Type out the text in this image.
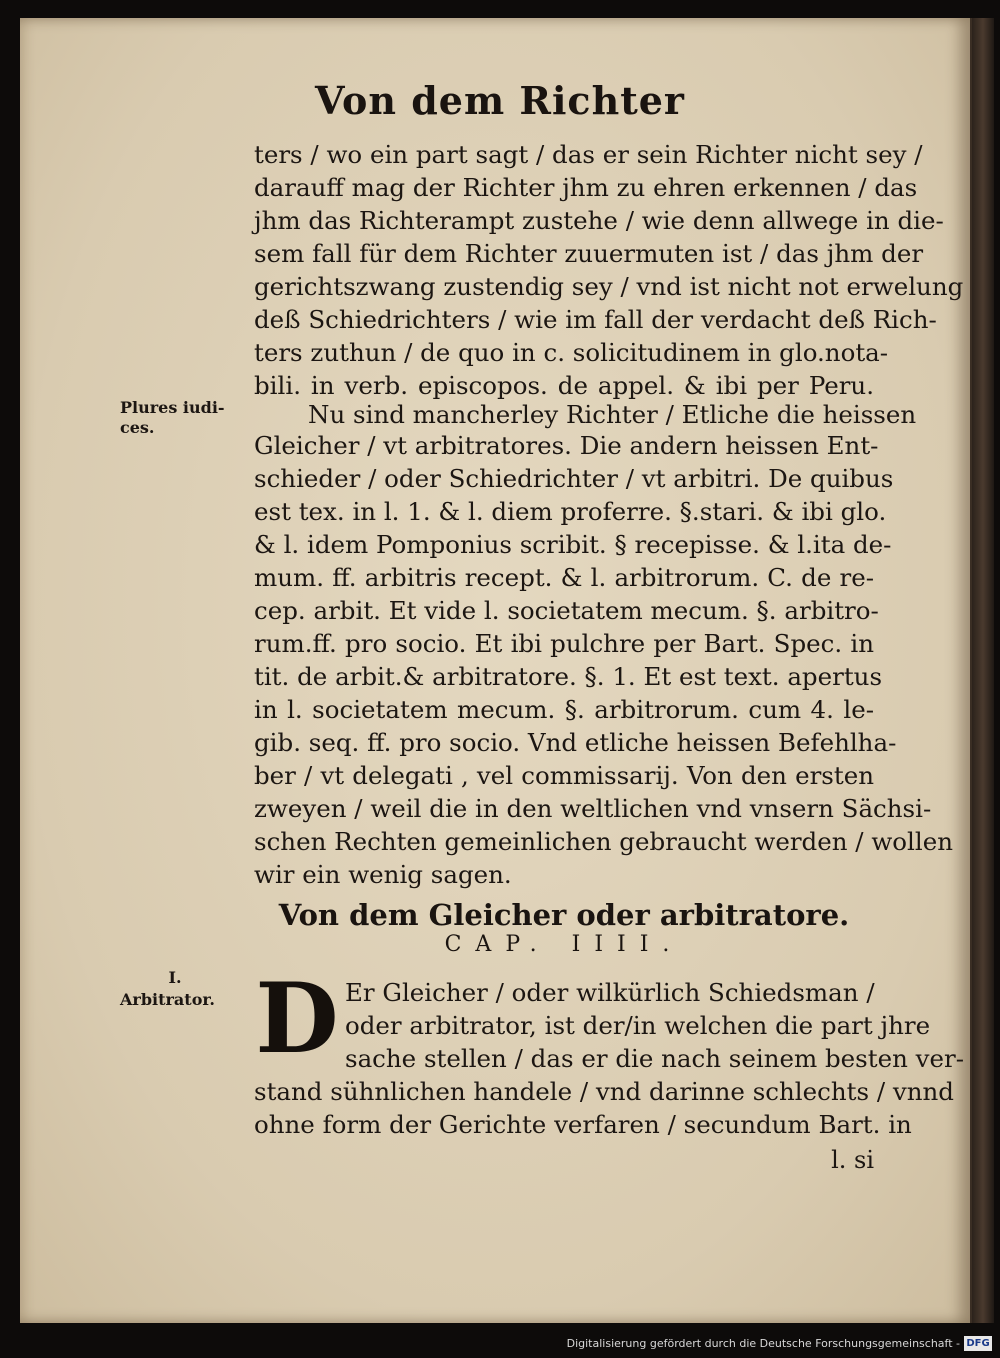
Von dem Richter
ters / wo ein part sagt / das er sein Richter nicht sey /
darauff mag der Richter jhm zu ehren erkennen / das
jhm das Richterampt zustehe / wie denn allwege in die-
sem fall für dem Richter zuuermuten ist / das jhm der
gerichtszwang zustendig sey / vnd ist nicht not erwelung
deß Schiedrichters / wie im fall der verdacht deß Rich-
ters zuthun / de quo in c. solicitudinem in glo.nota-
bili. in verb. episcopos. de appel. & ibi per Peru.
Nu sind mancherley Richter / Etliche die heissen
Gleicher / vt arbitratores. Die andern heissen Ent-
schieder / oder Schiedrichter / vt arbitri. De quibus
est tex. in l. 1. & l. diem proferre. §.stari. & ibi glo.
& l. idem Pomponius scribit. § recepisse. & l.ita de-
mum. ff. arbitris recept. & l. arbitrorum. C. de re-
cep. arbit. Et vide l. societatem mecum. §. arbitro-
rum.ff. pro socio. Et ibi pulchre per Bart. Spec. in
tit. de arbit.& arbitratore. §. 1. Et est text. apertus
in l. societatem mecum. §. arbitrorum. cum 4. le-
gib. seq. ff. pro socio. Vnd etliche heissen Befehlha-
ber / vt delegati , vel commissarij. Von den ersten
zweyen / weil die in den weltlichen vnd vnsern Sächsi-
schen Rechten gemeinlichen gebraucht werden / wollen
wir ein wenig sagen.
Plures iudi- ces.
I.
Arbitrator.
Von dem Gleicher oder arbitratore.
CAP. IIII.
D Er Gleicher / oder wilkürlich Schiedsman /
oder arbitrator, ist der/in welchen die part jhre
sache stellen / das er die nach seinem besten ver-
stand sühnlichen handele / vnd darinne schlechts / vnnd
ohne form der Gerichte verfaren / secundum Bart. in
l. si
Digitalisierung gefördert durch die Deutsche Forschungsgemeinschaft - DFG
